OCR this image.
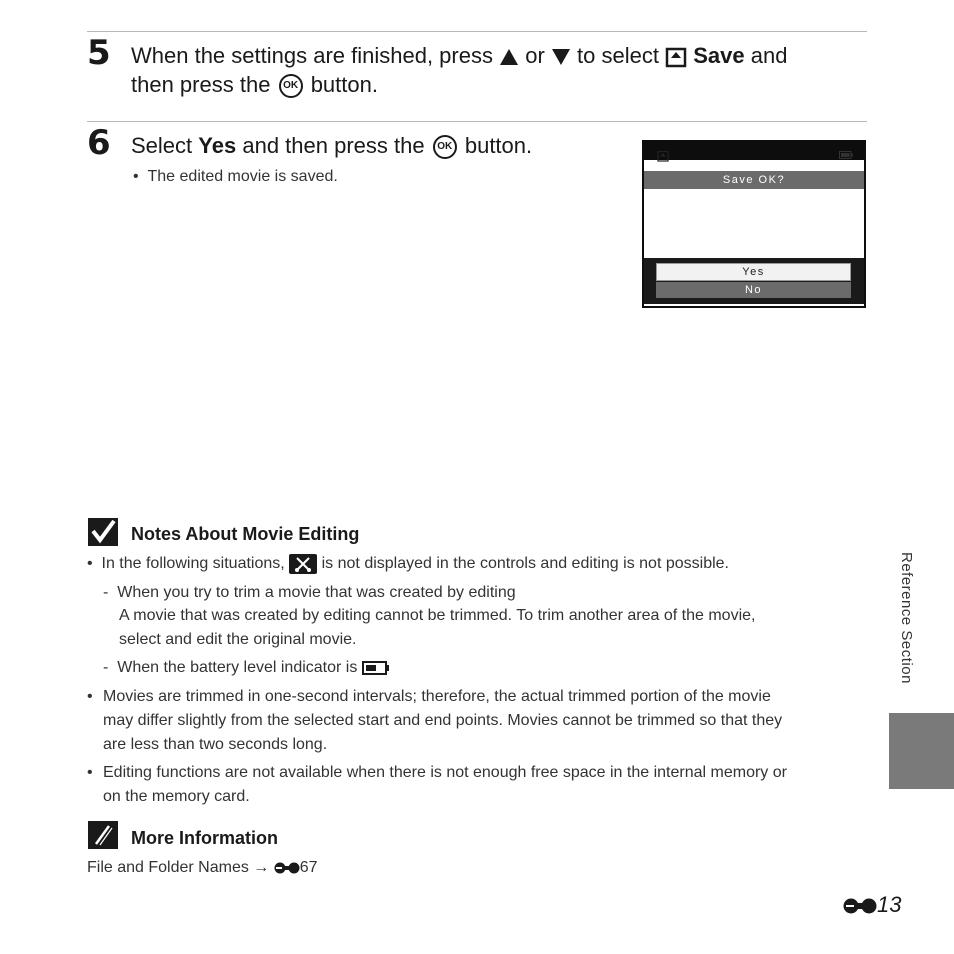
5 When the settings are finished, press or to select Save and
then press the OK button.
6 Select Yes and then press the OK button.
•  The edited movie is saved.	Save OK?
Yes
No
Notes About Movie Editing
•  In the following situations, is not displayed in the controls and editing is not possible.
-  When you try to trim a movie that was created by editing
A movie that was created by editing cannot be trimmed. To trim another area of the movie,
select and edit the original movie.
-  When the battery level indicator is
• Movies are trimmed in one-second intervals; therefore, the actual trimmed portion of the movie
may differ slightly from the selected start and end points. Movies cannot be trimmed so that they
are less than two seconds long.
• Editing functions are not available when there is not enough free space in the internal memory or
on the memory card.
More Information
File and Folder Names → 67
Reference Section
13
